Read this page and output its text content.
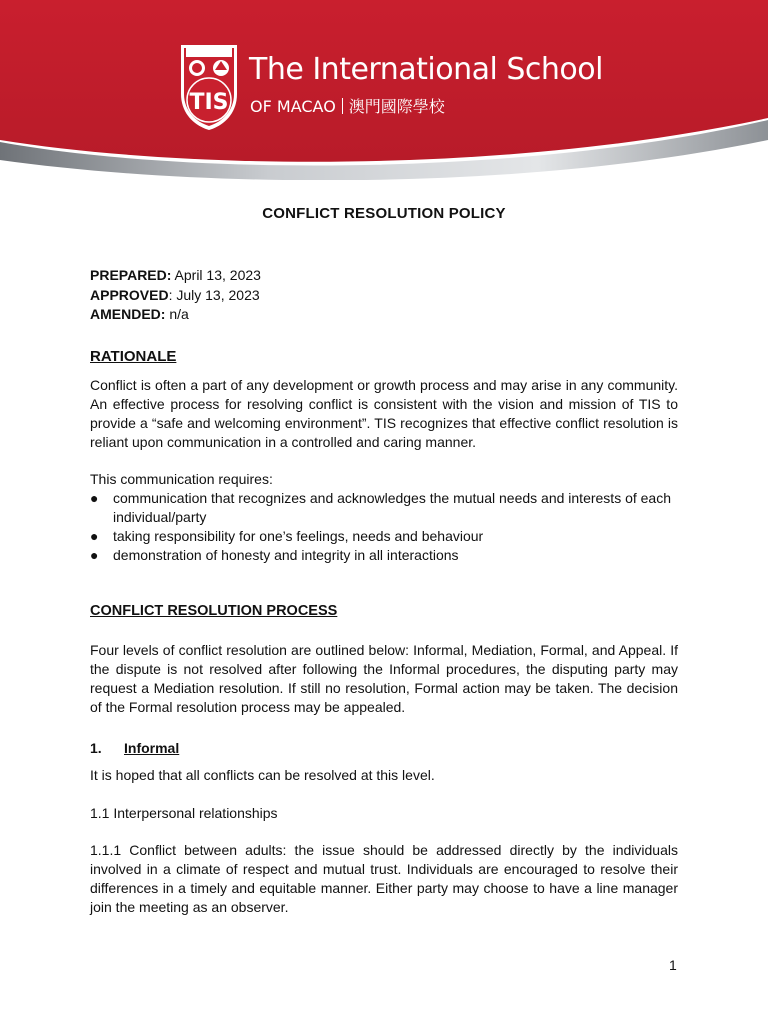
TIS
The International School
OF MACAO 澳門國際學校
CONFLICT RESOLUTION POLICY
PREPARED: April 13, 2023
APPROVED: July 13, 2023
AMENDED: n/a
RATIONALE
Conflict is often a part of any development or growth process and may arise in any community. An effective process for resolving conflict is consistent with the vision and mission of TIS to provide a “safe and welcoming environment”. TIS recognizes that effective conflict resolution is reliant upon communication in a controlled and caring manner.
This communication requires:
● communication that recognizes and acknowledges the mutual needs and interests of each individual/party
● taking responsibility for one’s feelings, needs and behaviour
● demonstration of honesty and integrity in all interactions
CONFLICT RESOLUTION PROCESS
Four levels of conflict resolution are outlined below: Informal, Mediation, Formal, and Appeal. If the dispute is not resolved after following the Informal procedures, the disputing party may request a Mediation resolution. If still no resolution, Formal action may be taken. The decision of the Formal resolution process may be appealed.
1. Informal
It is hoped that all conflicts can be resolved at this level.
1.1 Interpersonal relationships
1.1.1 Conflict between adults: the issue should be addressed directly by the individuals involved in a climate of respect and mutual trust. Individuals are encouraged to resolve their differences in a timely and equitable manner. Either party may choose to have a line manager join the meeting as an observer.
1
